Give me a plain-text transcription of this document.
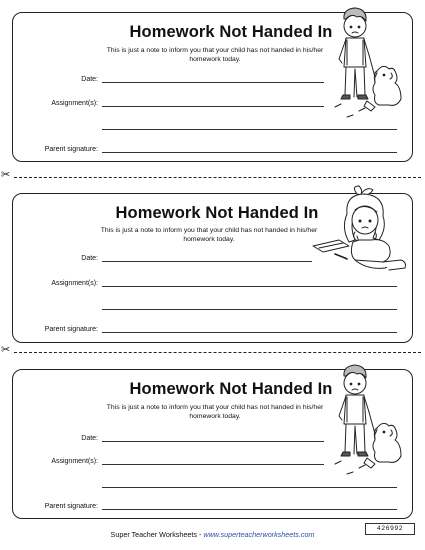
Homework Not Handed In
This is just a note to inform you that your child has not handed in his/her homework today.
Date:
Assignment(s):
Parent signature:
✂
Homework Not Handed In
This is just a note to inform you that your child has not handed in his/her homework today.
Date:
Assignment(s):
Parent signature:
✂
Homework Not Handed In
This is just a note to inform you that your child has not handed in his/her homework today.
Date:
Assignment(s):
Parent signature:
Super Teacher Worksheets - www.superteacherworksheets.com
426992
